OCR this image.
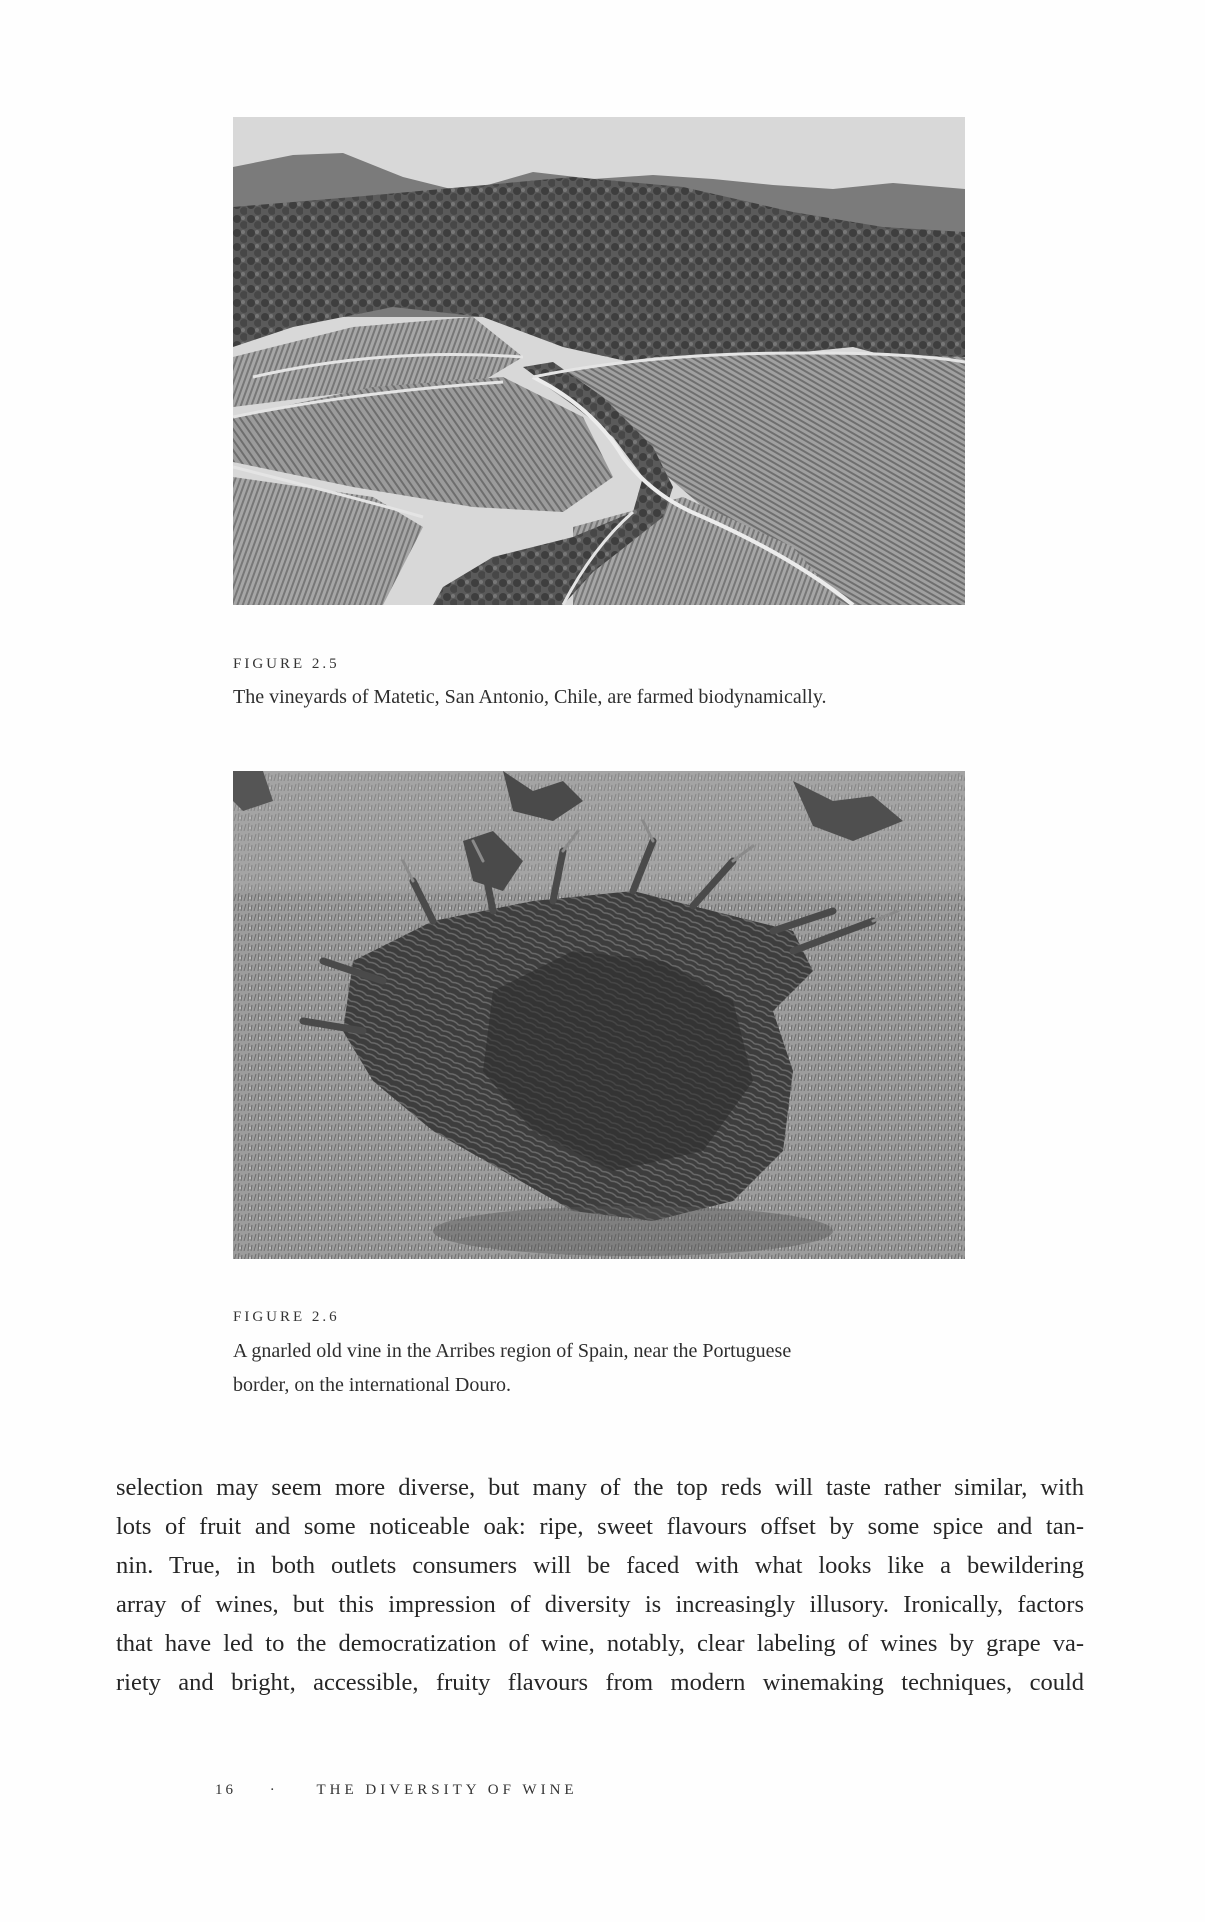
FIGURE 2.5
The vineyards of Matetic, San Antonio, Chile, are farmed biodynamically.
FIGURE 2.6
A gnarled old vine in the Arribes region of Spain, near the Portuguese
border, on the international Douro.
selection may seem more diverse, but many of the top reds will taste rather similar, with
lots of fruit and some noticeable oak: ripe, sweet flavours offset by some spice and tan-
nin. True, in both outlets consumers will be faced with what looks like a bewildering
array of wines, but this impression of diversity is increasingly illusory. Ironically, factors
that have led to the democratization of wine, notably, clear labeling of wines by grape va-
riety and bright, accessible, fruity flavours from modern winemaking techniques, could
16 ·	THE DIVERSITY OF WINE
